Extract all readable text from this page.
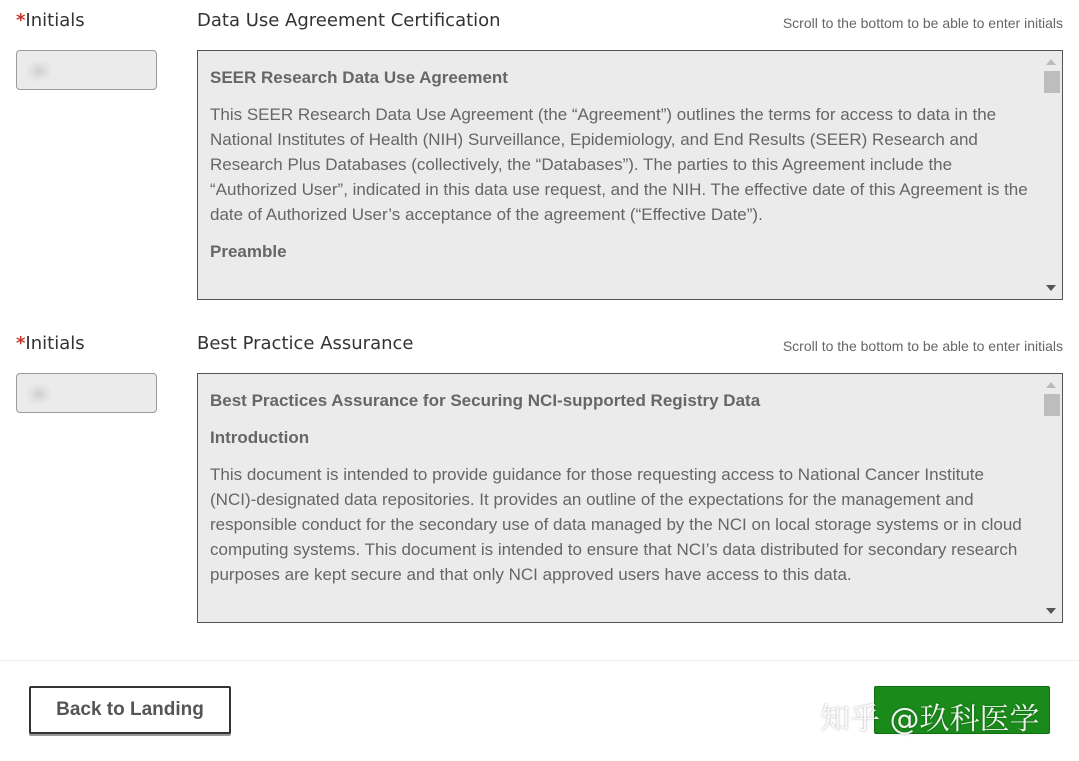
*Initials	Data Use Agreement Certification	Scroll to the bottom to be able to enter initials

SEER Research Data Use Agreement

This SEER Research Data Use Agreement (the “Agreement”) outlines the terms for access to data in the National Institutes of Health (NIH) Surveillance, Epidemiology, and End Results (SEER) Research and Research Plus Databases (collectively, the “Databases”). The parties to this Agreement include the “Authorized User”, indicated in this data use request, and the NIH. The effective date of this Agreement is the date of Authorized User’s acceptance of the agreement (“Effective Date”).

Preamble

*Initials	Best Practice Assurance	Scroll to the bottom to be able to enter initials

Best Practices Assurance for Securing NCI-supported Registry Data

Introduction

This document is intended to provide guidance for those requesting access to National Cancer Institute (NCI)-designated data repositories. It provides an outline of the expectations for the management and responsible conduct for the secondary use of data managed by the NCI on local storage systems or in cloud computing systems. This document is intended to ensure that NCI’s data distributed for secondary research purposes are kept secure and that only NCI approved users have access to this data.

Back to Landing	知乎 @玖科医学
